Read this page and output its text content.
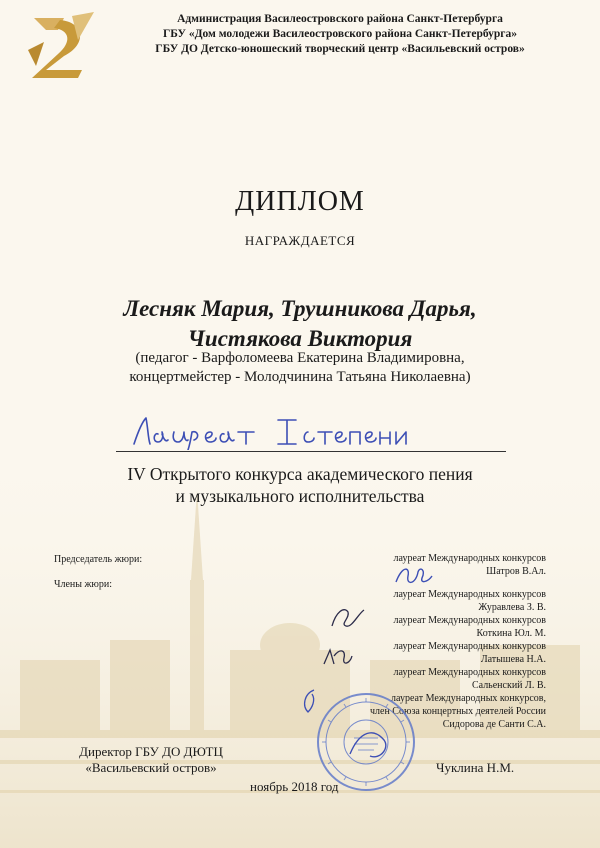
Администрация Василеостровского района Санкт-Петербурга
ГБУ «Дом молодежи Василеостровского района Санкт-Петербурга»
ГБУ ДО Детско-юношеский творческий центр «Васильевский остров»
ДИПЛОМ
НАГРАЖДАЕТСЯ
Лесняк Мария, Трушникова Дарья,
Чистякова Виктория
(педагог - Варфоломеева Екатерина Владимировна,
концертмейстер - Молодчинина Татьяна Николаевна)
IV Открытого конкурса академического пения
и музыкального исполнительства
Председатель жюри:
Члены жюри:
лауреат Международных конкурсов
Шатров В.Ал.
лауреат Международных конкурсов
Журавлева З. В.
лауреат Международных конкурсов
Коткина Юл. М.
лауреат Международных конкурсов
Латышева Н.А.
лауреат Международных конкурсов
Сальенский Л. В.
лауреат Международных конкурсов,
член Союза концертных деятелей России
Сидорова де Санти С.А.
Директор ГБУ ДО ДЮТЦ
«Васильевский остров»
ноябрь 2018 год
Чуклина Н.М.
